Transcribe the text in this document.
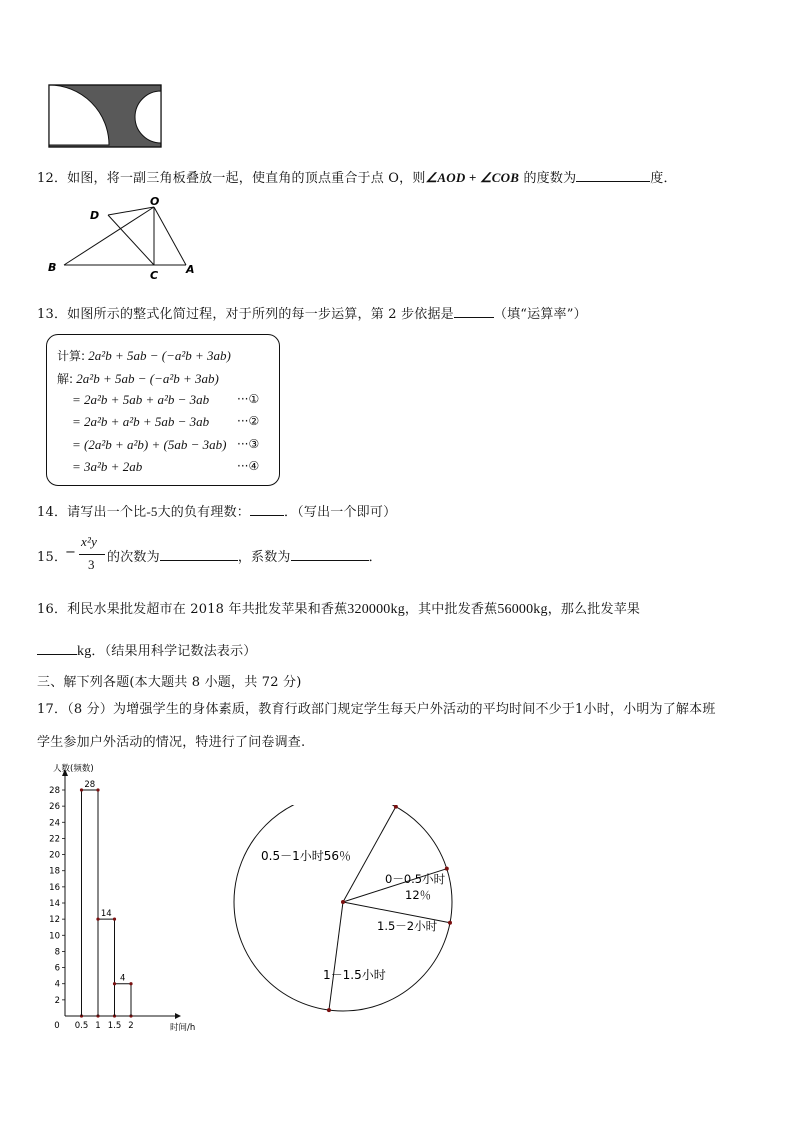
12．如图，将一副三角板叠放一起，使直角的顶点重合于点 O，则∠AOD + ∠COB 的度数为	度．
D
O
B
C	A
13．如图所示的整式化简过程，对于所列的每一步运算，第 2 步依据是	（填“运算率”）
计算: 2a²b + 5ab − (−a²b + 3ab)
解: 2a²b + 5ab − (−a²b + 3ab)
= 2a²b + 5ab + a²b − 3ab ···①
= 2a²b + a²b + 5ab − 3ab ···②
= (2a²b + a²b) + (5ab − 3ab) ···③
= 3a²b + 2ab	···④
14．请写出一个比-5大的负有理数：	．（写出一个即可）
15．
−
x²y
3 的次数为	，系数为	．
16．利民水果批发超市在 2018 年共批发苹果和香蕉320000kg，其中批发香蕉56000kg，那么批发苹果
kg．（结果用科学记数法表示）
三、解下列各题(本大题共 8 小题，共 72 分)
17．（8 分）为增强学生的身体素质，教育行政部门规定学生每天户外活动的平均时间不少于1小时，小明为了解本班
学生参加户外活动的情况，特进行了问卷调查.
人数(频数)
时间/h
2
4
6
8
10
12
14
16
18
20
22
24
26
28
0 0.5 1 1.5 2
28
14
4
0.5－1小时56％
0－0.5小时
12％
1.5－2小时
1－1.5小时
